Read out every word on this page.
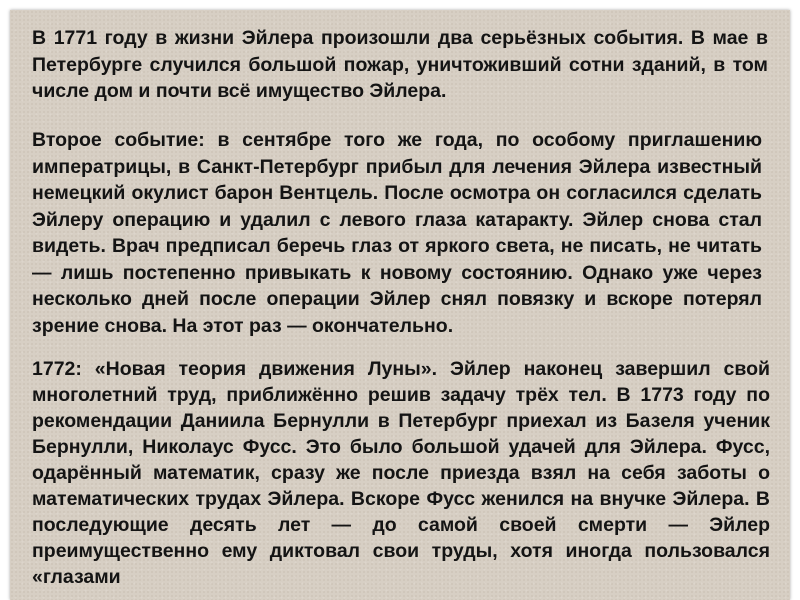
В 1771 году в жизни Эйлера произошли два серьёзных события. В мае в Петербурге случился большой пожар, уничтоживший сотни зданий, в том числе дом и почти всё имущество Эйлера.

Второе событие: в сентябре того же года, по особому приглашению императрицы, в Санкт-Петербург прибыл для лечения Эйлера известный немецкий окулист барон Вентцель. После осмотра он согласился сделать Эйлеру операцию и удалил с левого глаза катаракту. Эйлер снова стал видеть. Врач предписал беречь глаз от яркого света, не писать, не читать — лишь постепенно привыкать к новому состоянию. Однако уже через несколько дней после операции Эйлер снял повязку и вскоре потерял зрение снова. На этот раз — окончательно.

1772: «Новая теория движения Луны». Эйлер наконец завершил свой многолетний труд, приближённо решив задачу трёх тел. В 1773 году по рекомендации Даниила Бернулли в Петербург приехал из Базеля ученик Бернулли, Николаус Фусс. Это было большой удачей для Эйлера. Фусс, одарённый математик, сразу же после приезда взял на себя заботы о математических трудах Эйлера. Вскоре Фусс женился на внучке Эйлера. В последующие десять лет — до самой своей смерти — Эйлер преимущественно ему диктовал свои труды, хотя иногда пользовался «глазами
